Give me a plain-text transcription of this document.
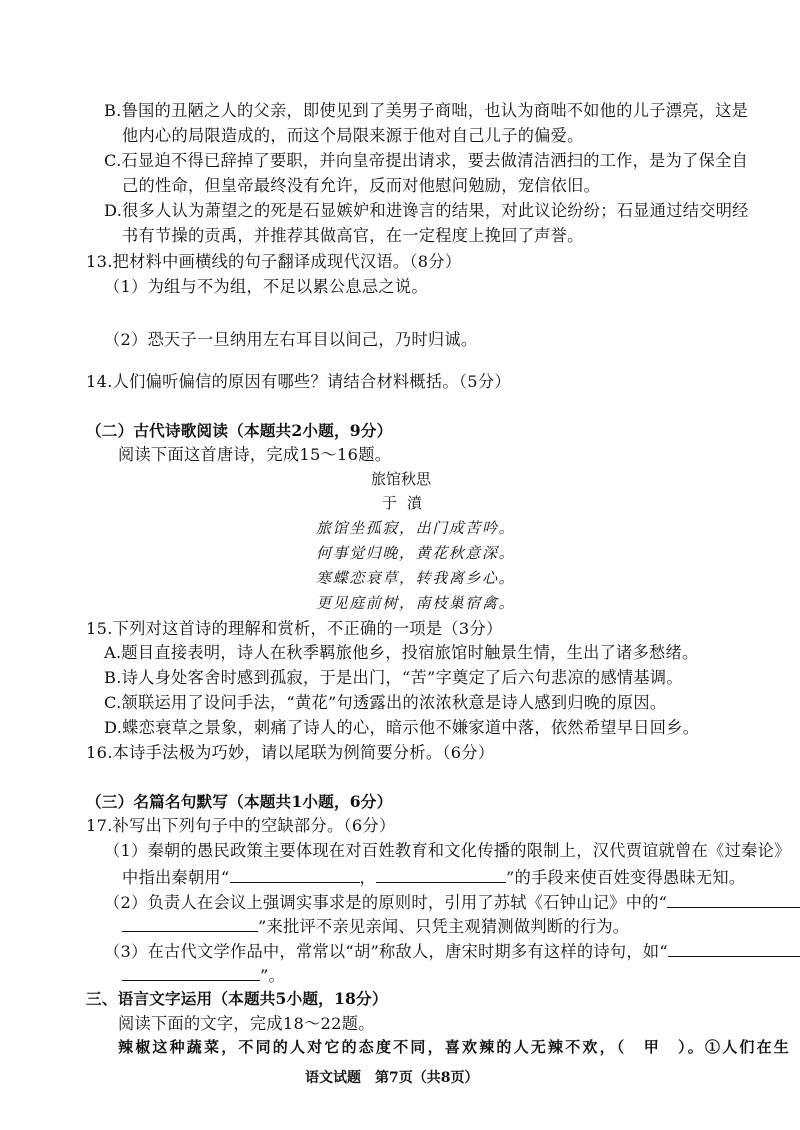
B.鲁国的丑陋之人的父亲，即使见到了美男子商咄，也认为商咄不如他的儿子漂亮，这是
他内心的局限造成的，而这个局限来源于他对自己儿子的偏爱。
C.石显迫不得已辞掉了要职，并向皇帝提出请求，要去做清洁洒扫的工作，是为了保全自
己的性命，但皇帝最终没有允许，反而对他慰问勉励，宠信依旧。
D.很多人认为萧望之的死是石显嫉妒和进谗言的结果，对此议论纷纷；石显通过结交明经
书有节操的贡禹，并推荐其做高官，在一定程度上挽回了声誉。
13.把材料中画横线的句子翻译成现代汉语。（8分）
（1）为组与不为组，不足以累公息忌之说。
（2）恐天子一旦纳用左右耳目以间己，乃时归诚。
14.人们偏听偏信的原因有哪些？请结合材料概括。（5分）
（二）古代诗歌阅读（本题共2小题，9分）
阅读下面这首唐诗，完成15～16题。
旅馆秋思
于濆
旅馆坐孤寂，出门成苦吟。
何事觉归晚，黄花秋意深。
寒蝶恋衰草，转我离乡心。
更见庭前树，南枝巢宿禽。
15.下列对这首诗的理解和赏析，不正确的一项是（3分）
A.题目直接表明，诗人在秋季羁旅他乡，投宿旅馆时触景生情，生出了诸多愁绪。
B.诗人身处客舍时感到孤寂，于是出门，“苦”字奠定了后六句悲凉的感情基调。
C.颔联运用了设问手法，“黄花”句透露出的浓浓秋意是诗人感到归晚的原因。
D.蝶恋衰草之景象，刺痛了诗人的心，暗示他不嫌家道中落，依然希望早日回乡。
16.本诗手法极为巧妙，请以尾联为例简要分析。（6分）
（三）名篇名句默写（本题共1小题，6分）
17.补写出下列句子中的空缺部分。（6分）
（1）秦朝的愚民政策主要体现在对百姓教育和文化传播的限制上，汉代贾谊就曾在《过秦论》
中指出秦朝用“	，	”的手段来使百姓变得愚昧无知。
（2）负责人在会议上强调实事求是的原则时，引用了苏轼《石钟山记》中的“
”来批评不亲见亲闻、只凭主观猜测做判断的行为。
（3）在古代文学作品中，常常以“胡”称敌人，唐宋时期多有这样的诗句，如“
”。
三、语言文字运用（本题共5小题，18分）
阅读下面的文字，完成18～22题。
辣椒这种蔬菜，不同的人对它的态度不同，喜欢辣的人无辣不欢，（　甲　）。①人们在生
语文试题　第7页（共8页）
